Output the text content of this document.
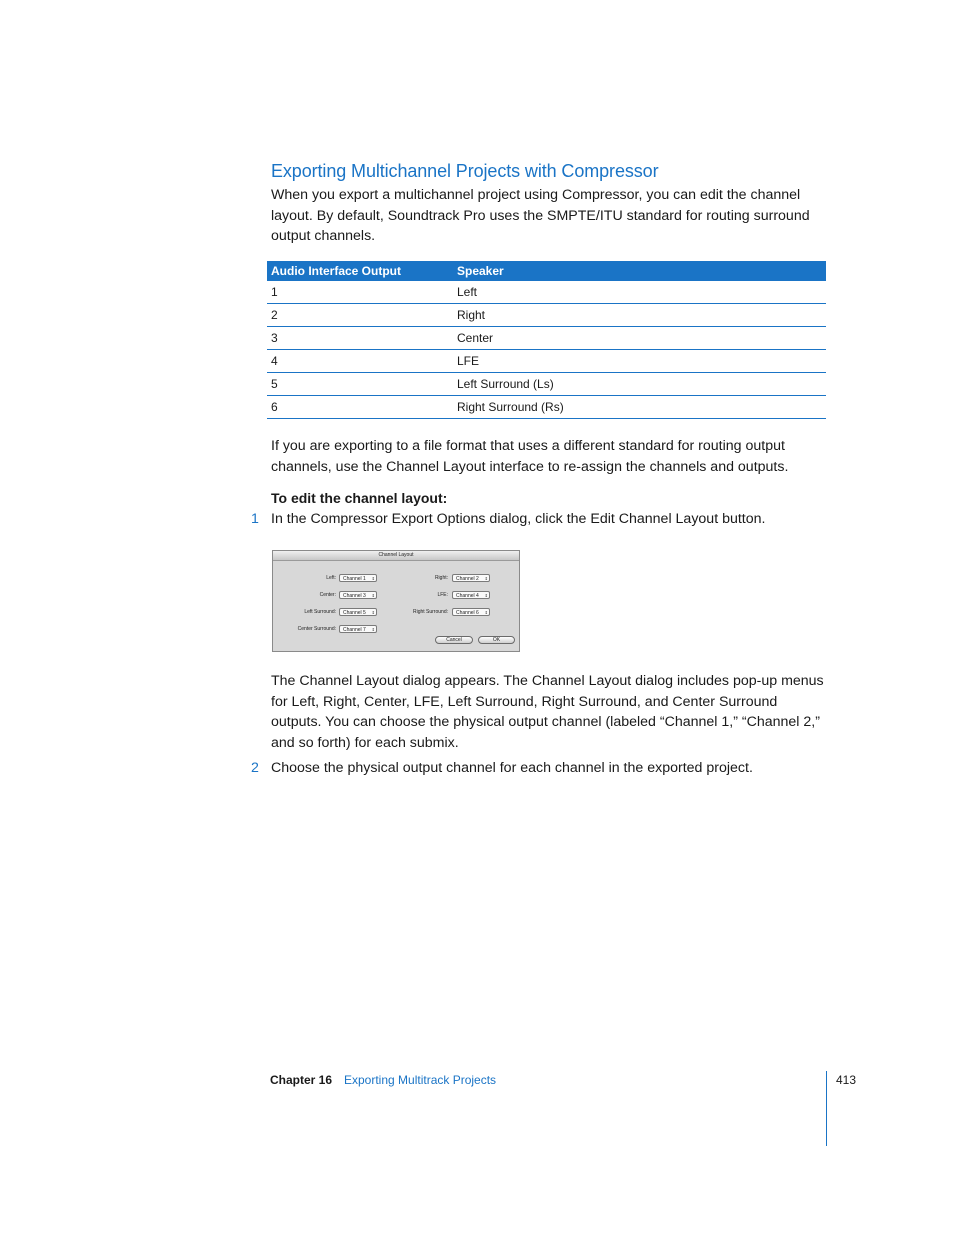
Exporting Multichannel Projects with Compressor
When you export a multichannel project using Compressor, you can edit the channel layout. By default, Soundtrack Pro uses the SMPTE/ITU standard for routing surround output channels.
Audio Interface Output	Speaker
1	Left
2	Right
3	Center
4	LFE
5	Left Surround (Ls)
6	Right Surround (Rs)
If you are exporting to a file format that uses a different standard for routing output channels, use the Channel Layout interface to re-assign the channels and outputs.
To edit the channel layout:
1 In the Compressor Export Options dialog, click the Edit Channel Layout button.
Channel Layout
Left:	Channel 1 ⇕	Right:	Channel 2 ⇕
Center:	Channel 3 ⇕	LFE:	Channel 4 ⇕
Left Surround:	Channel 5 ⇕	Right Surround:	Channel 6 ⇕
Center Surround:	Channel 7 ⇕
Cancel	OK
The Channel Layout dialog appears. The Channel Layout dialog includes pop-up menus for Left, Right, Center, LFE, Left Surround, Right Surround, and Center Surround outputs. You can choose the physical output channel (labeled “Channel 1,” “Channel 2,” and so forth) for each submix.
2 Choose the physical output channel for each channel in the exported project.
Chapter 16 Exporting Multitrack Projects	413
